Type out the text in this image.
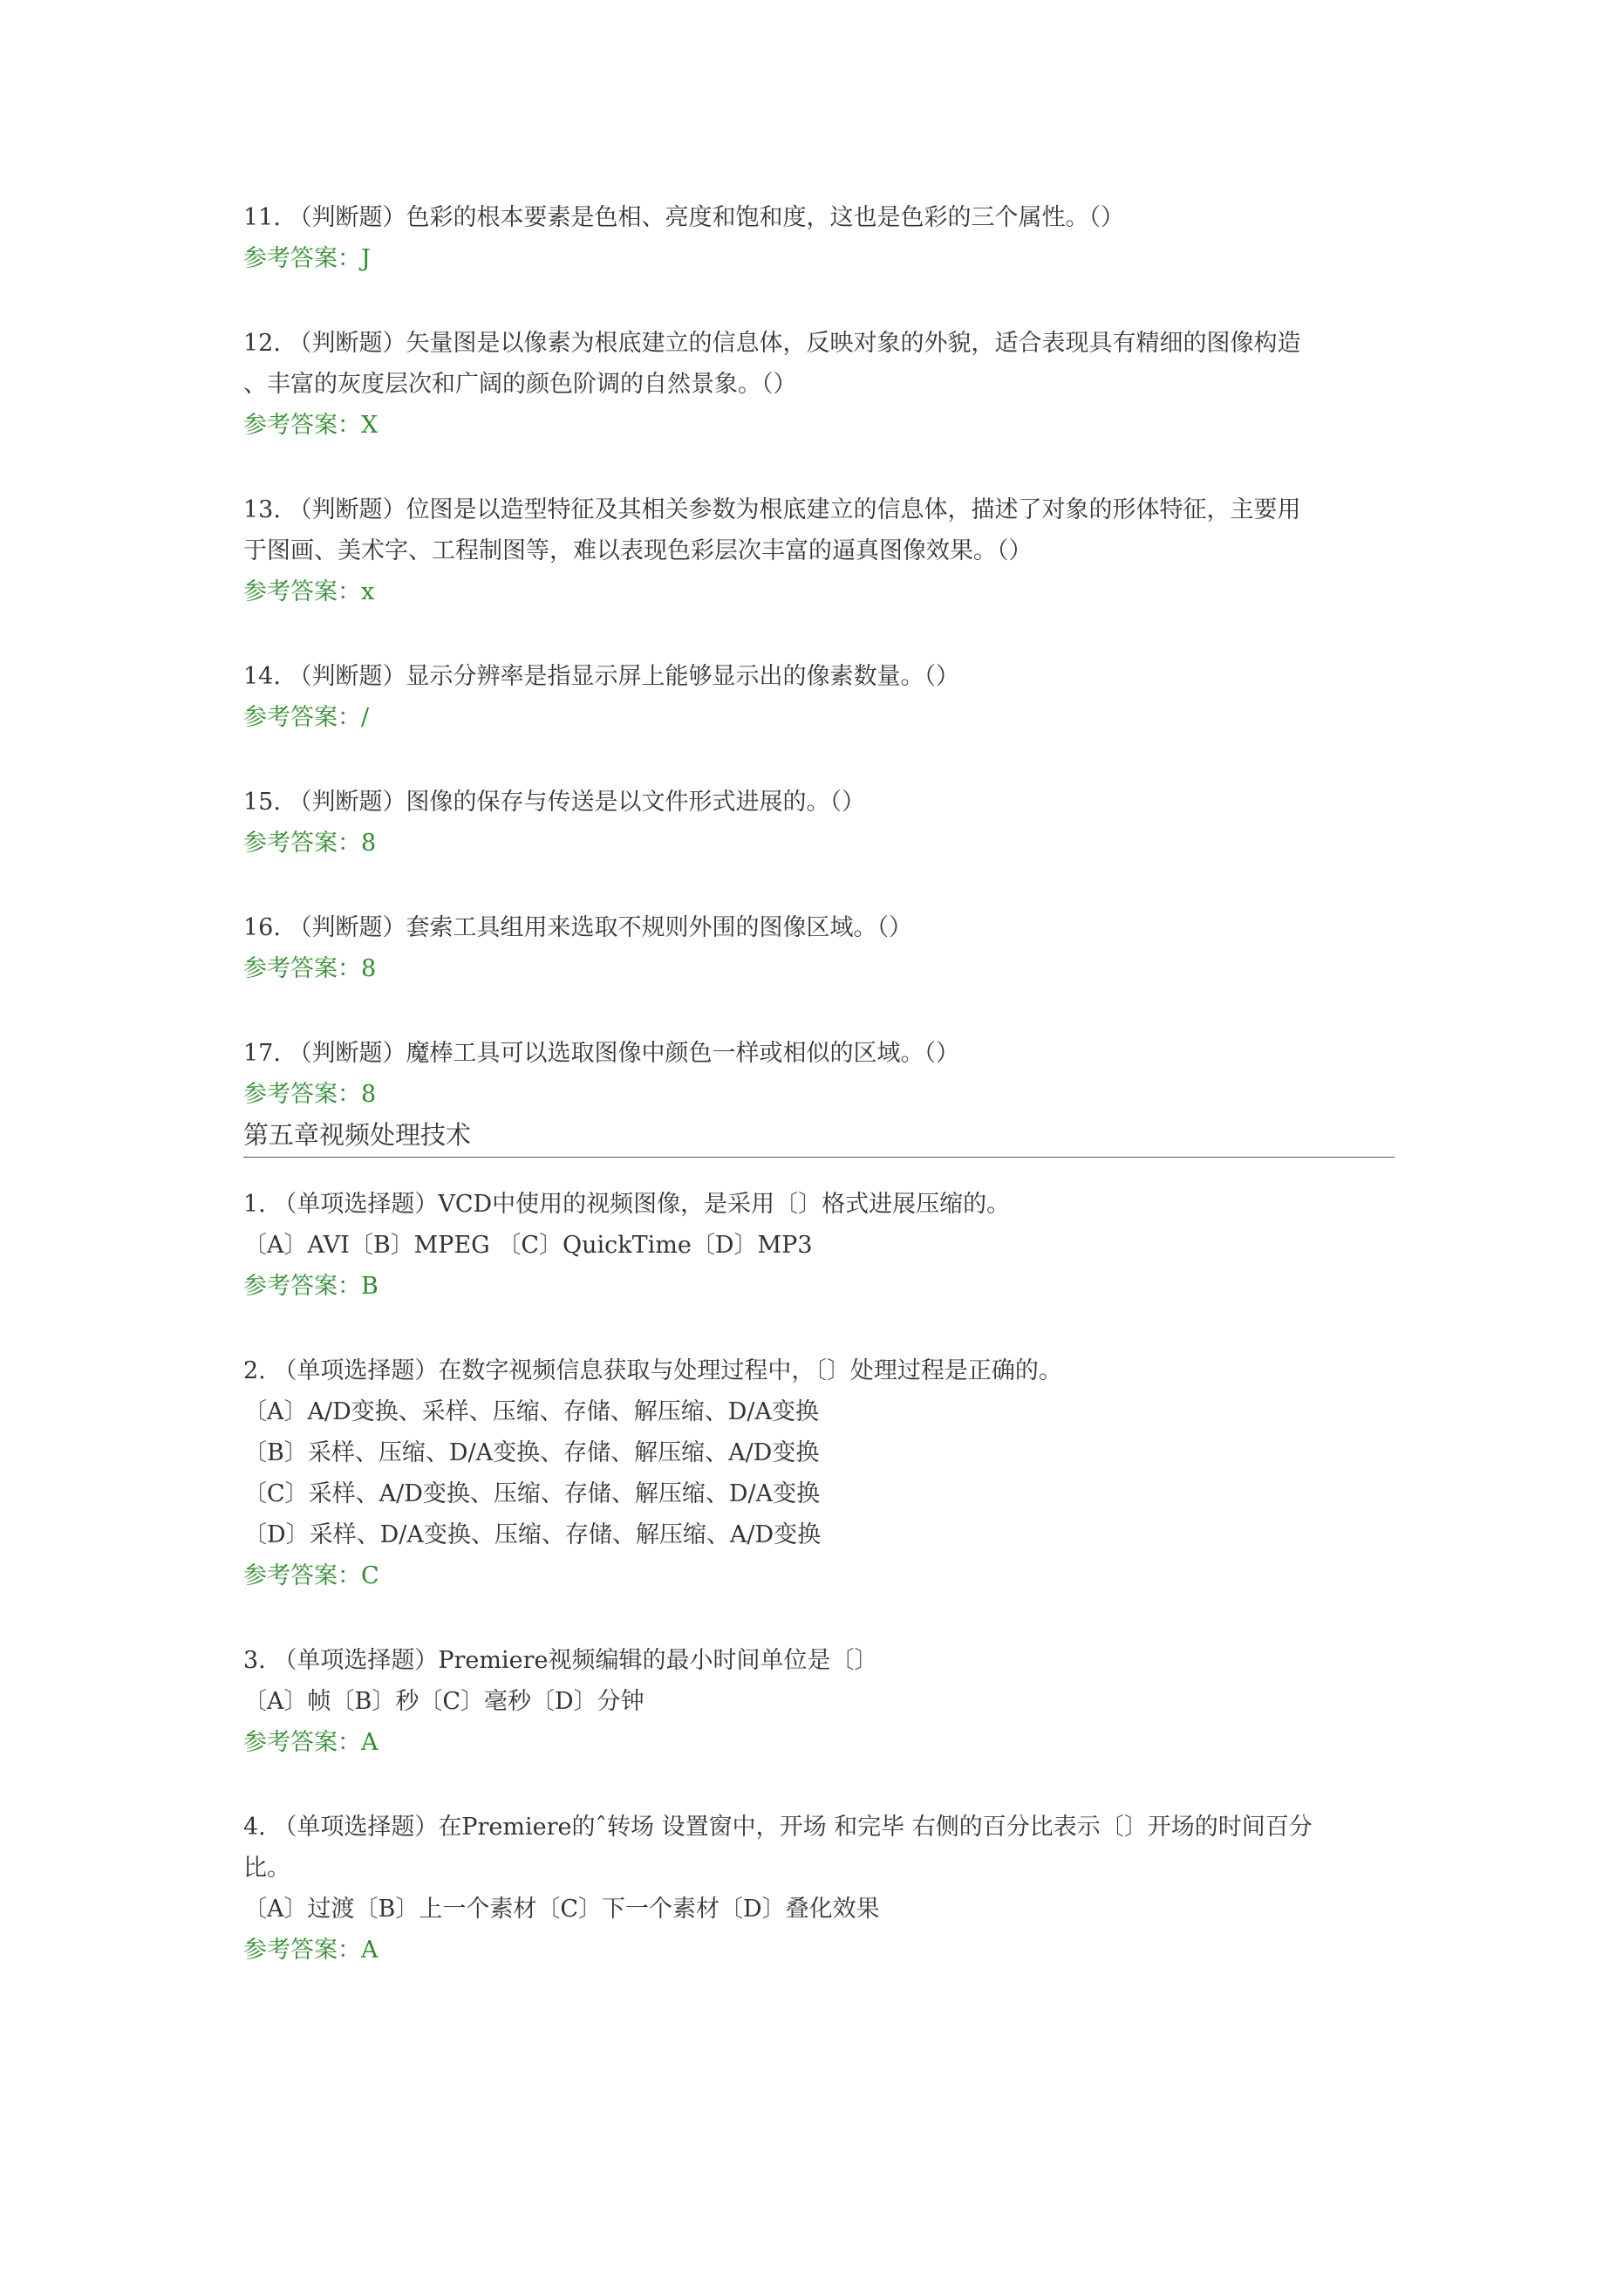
11. （判断题）色彩的根本要素是色相、亮度和饱和度，这也是色彩的三个属性。（）
参考答案：J
12. （判断题）矢量图是以像素为根底建立的信息体，反映对象的外貌，适合表现具有精细的图像构造
、丰富的灰度层次和广阔的颜色阶调的自然景象。（）
参考答案：X
13. （判断题）位图是以造型特征及其相关参数为根底建立的信息体，描述了对象的形体特征，主要用
于图画、美术字、工程制图等，难以表现色彩层次丰富的逼真图像效果。（）
参考答案：x
14. （判断题）显示分辨率是指显示屏上能够显示出的像素数量。（）
参考答案：/
15. （判断题）图像的保存与传送是以文件形式进展的。（）
参考答案：8
16. （判断题）套索工具组用来选取不规则外围的图像区域。（）
参考答案：8
17. （判断题）魔棒工具可以选取图像中颜色一样或相似的区域。（）
参考答案：8
第五章视频处理技术
1. （单项选择题）VCD中使用的视频图像，是采用〔〕格式进展压缩的。
〔A〕AVI〔B〕MPEG 〔C〕QuickTime〔D〕MP3
参考答案：B
2. （单项选择题）在数字视频信息获取与处理过程中，〔〕处理过程是正确的。
〔A〕A/D变换、采样、压缩、存储、解压缩、D/A变换
〔B〕采样、压缩、D/A变换、存储、解压缩、A/D变换
〔C〕采样、A/D变换、压缩、存储、解压缩、D/A变换
〔D〕采样、D/A变换、压缩、存储、解压缩、A/D变换
参考答案：C
3. （单项选择题）Premiere视频编辑的最小时间单位是〔〕
〔A〕帧〔B〕秒〔C〕毫秒〔D〕分钟
参考答案：A
4. （单项选择题）在Premiere的ˆ转场 设置窗中，开场 和完毕 右侧的百分比表示〔〕开场的时间百分
比。
〔A〕过渡〔B〕上一个素材〔C〕下一个素材〔D〕叠化效果
参考答案：A
